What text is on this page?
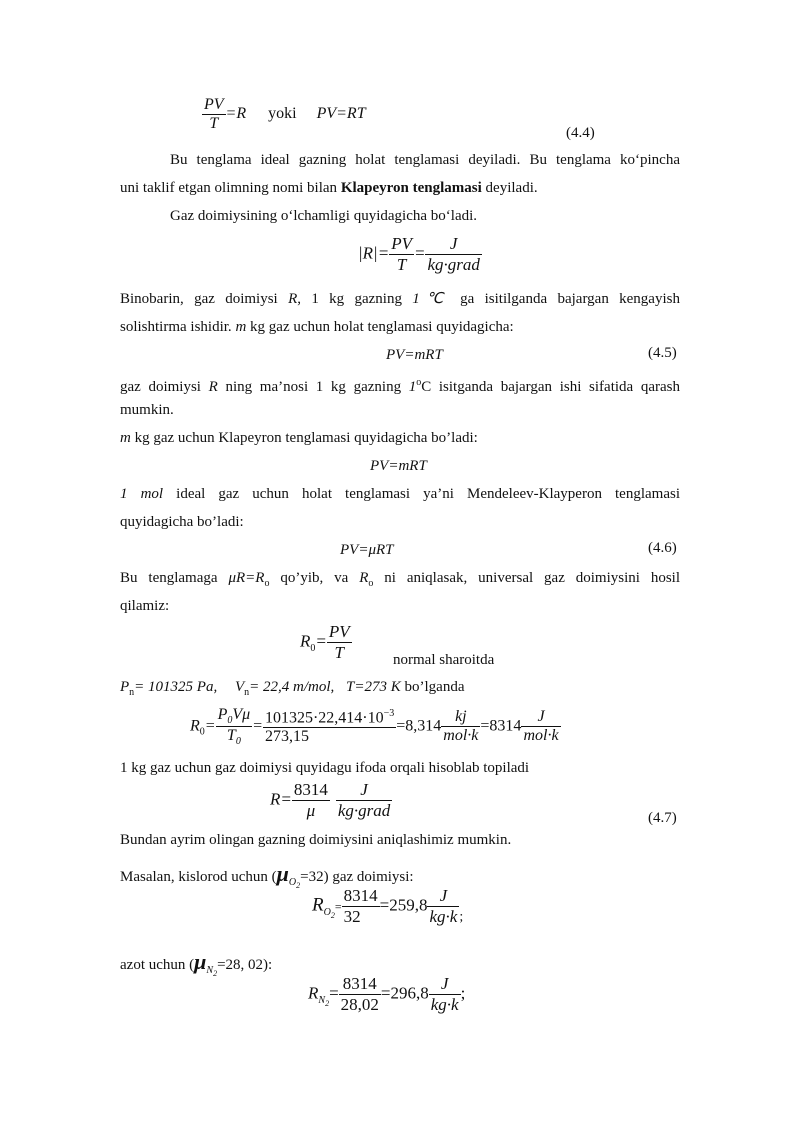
$\frac{PV}{T} =R$ yoki PV=RT
(4.4)
Bu tenglama ideal gazning holat tenglamasi deyiladi. Bu tenglama ko‘pincha
uni taklif etgan olimning nomi bilan Klapeyron tenglamasi deyiladi.
Gaz doimiysining o‘lchamligi quyidagicha bo‘ladi.
$|R|= \frac{PV}{T} = \frac{J}{\text{kg·grad}}$
Binobarin, gaz doimiysi R, 1 kg gazning 1℃ ga isitilganda bajargan kengayish
solishtirma ishidir. m kg gaz uchun holat tenglamasi quyidagicha:
PV=mRT	(4.5)
gaz doimiysi R ning ma’nosi 1 kg gazning 1$^o$C isitganda bajargan ishi sifatida qarash
mumkin.
m kg gaz uchun Klapeyron tenglamasi quyidagicha bo’ladi:
PV=mRT
1 mol ideal gaz uchun holat tenglamasi ya’ni Mendeleev-Klayperon tenglamasi
quyidagicha bo’ladi:
PV=μRT	(4.6)
Bu tenglamaga $\mu R=R_o$ qo’yib, va $R_o$ ni aniqlasak, universal gaz doimiysini hosil
qilamiz:
$R_0= \frac{PV}{T}$	normal sharoitda
$P_n= 101325$ Pa, $V_n= 22,4$ m/mol, T=273 K bo’lganda
$R_0= \frac{P_0V\mu}{T_0} = \frac{101325\cdot 22,414\cdot 10^{-3}}{273,15} =8,314 \frac{kj}{\text{mol·k}} =8314 \frac{J}{\text{mol·k}}$
1 kg gaz uchun gaz doimiysi quyidagu ifoda orqali hisoblab topiladi
$R= \frac{8314}{\mu} \frac{J}{\text{kg·grad}}$	(4.7)
Bundan ayrim olingan gazning doimiysini aniqlashimiz mumkin.
Masalan, kislorod uchun $(\mu_{O_2}=32)$ gaz doimiysi:
$R_{O_2}= \frac{8314}{32} =259,8 \frac{J}{kg\cdot k} _;$
azot uchun ($\mu_{N_2}=28$, 02):
$R_{N_2}= \frac{8314}{28,02} =296,8 \frac{J}{kg\cdot k}$ ;
